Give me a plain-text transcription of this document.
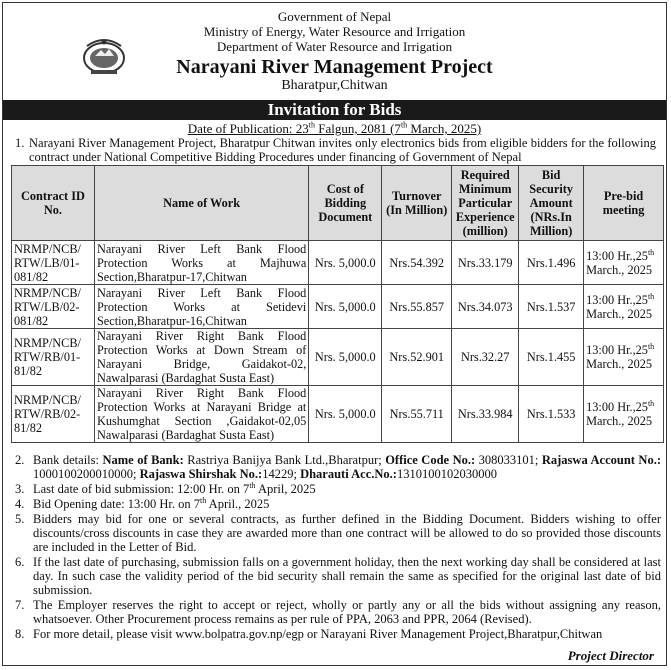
Government of Nepal
Ministry of Energy, Water Resource and Irrigation
Department of Water Resource and Irrigation
Narayani River Management Project
Bharatpur,Chitwan
Invitation for Bids
Date of Publication: 23th Falgun, 2081 (7th March, 2025)
1. Narayani River Management Project, Bharatpur Chitwan invites only electronics bids from eligible bidders for the following contract under National Competitive Bidding Procedures under financing of Government of Nepal
Contract ID No.	Name of Work	Cost of Bidding Document	Turnover (In Million)	Required Minimum Particular Experience (million)	Bid Security Amount (NRs.In Million)	Pre-bid meeting
NRMP/NCB/ RTW/LB/01-081/82	Narayani River Left Bank Flood Protection Works at Majhuwa Section,Bharatpur-17,Chitwan	Nrs. 5,000.0	Nrs.54.392	Nrs.33.179	Nrs.1.496	13:00 Hr.,25th
March., 2025
NRMP/NCB/ RTW/LB/02-081/82	Narayani River Left Bank Flood Protection Works at Setidevi Section,Bharatpur-16,Chitwan	Nrs. 5,000.0	Nrs.55.857	Nrs.34.073	Nrs.1.537	13:00 Hr.,25th
March., 2025
NRMP/NCB/ RTW/RB/01-81/82	Narayani River Right Bank Flood Protection Works at Down Stream of Narayani Bridge, Gaidakot-02, Nawalparasi (Bardaghat Susta East)	Nrs. 5,000.0	Nrs.52.901	Nrs.32.27	Nrs.1.455	13:00 Hr.,25th
March., 2025
NRMP/NCB/ RTW/RB/02-81/82	Narayani River Right Bank Flood Protection Works at Narayani Bridge at Kushumghat Section ,Gaidakot-02,05 Nawalparasi (Bardaghat Susta East)	Nrs. 5,000.0	Nrs.55.711	Nrs.33.984	Nrs.1.533	13:00 Hr.,25th
March., 2025
2. Bank details: Name of Bank: Rastriya Banijya Bank Ltd.,Bharatpur; Office Code No.: 308033101; Rajaswa Account No.: 1000100200010000; Rajaswa Shirshak No.:14229; Dharauti Acc.No.:1310100102030000
3. Last date of bid submission: 12:00 Hr. on 7th April, 2025
4. Bid Opening date: 13:00 Hr. on 7th April., 2025
5. Bidders may bid for one or several contracts, as further defined in the Bidding Document. Bidders wishing to offer discounts/cross discounts in case they are awarded more than one contract will be allowed to do so provided those discounts are included in the Letter of Bid.
6. If the last date of purchasing, submission falls on a government holiday, then the next working day shall be considered at last day. In such case the validity period of the bid security shall remain the same as specified for the original last date of bid submission.
7. The Employer reserves the right to accept or reject, wholly or partly any or all the bids without assigning any reason, whatsoever. Other Procurement process remains as per rule of PPA, 2063 and PPR, 2064 (Revised).
8. For more detail, please visit www.bolpatra.gov.np/egp or Narayani River Management Project,Bharatpur,Chitwan
Project Director
